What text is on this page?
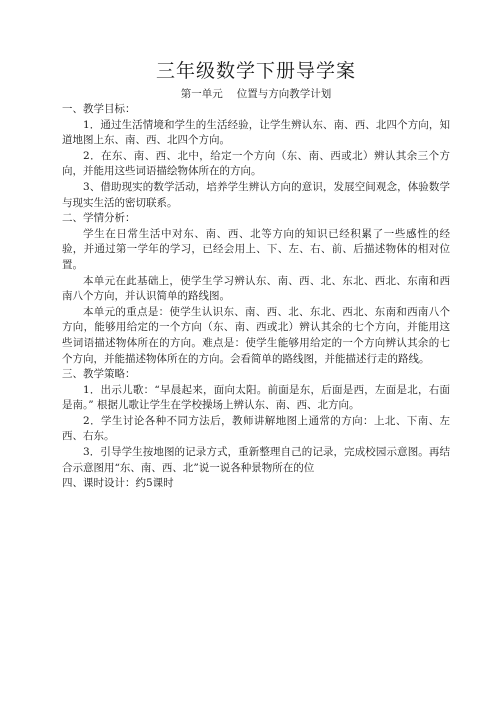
三年级数学下册导学案

第一单元 位置与方向教学计划

一、教学目标：

1．通过生活情境和学生的生活经验，让学生辨认东、南、西、北四个方向，知道地图上东、南、西、北四个方向。

2．在东、南、西、北中，给定一个方向（东、南、西或北）辨认其余三个方向，并能用这些词语描绘物体所在的方向。

3、借助现实的数学活动，培养学生辨认方向的意识，发展空间观念，体验数学与现实生活的密切联系。

二、学情分析：

学生在日常生活中对东、南、西、北等方向的知识已经积累了一些感性的经验，并通过第一学年的学习，已经会用上、下、左、右、前、后描述物体的相对位置。

本单元在此基础上，使学生学习辨认东、南、西、北、东北、西北、东南和西南八个方向，并认识简单的路线图。

本单元的重点是：使学生认识东、南、西、北、东北、西北、东南和西南八个方向，能够用给定的一个方向（东、南、西或北）辨认其余的七个方向，并能用这些词语描述物体所在的方向。难点是：使学生能够用给定的一个方向辨认其余的七个方向，并能描述物体所在的方向。会看简单的路线图，并能描述行走的路线。

三、教学策略：

1．出示儿歌：“早晨起来，面向太阳。前面是东，后面是西，左面是北，右面是南。” 根据儿歌让学生在学校操场上辨认东、南、西、北方向。

2．学生讨论各种不同方法后，教师讲解地图上通常的方向：上北、下南、左西、右东。

3．引导学生按地图的记录方式，重新整理自己的记录，完成校园示意图。再结合示意图用“东、南、西、北”说一说各种景物所在的位

四、课时设计：约5课时
